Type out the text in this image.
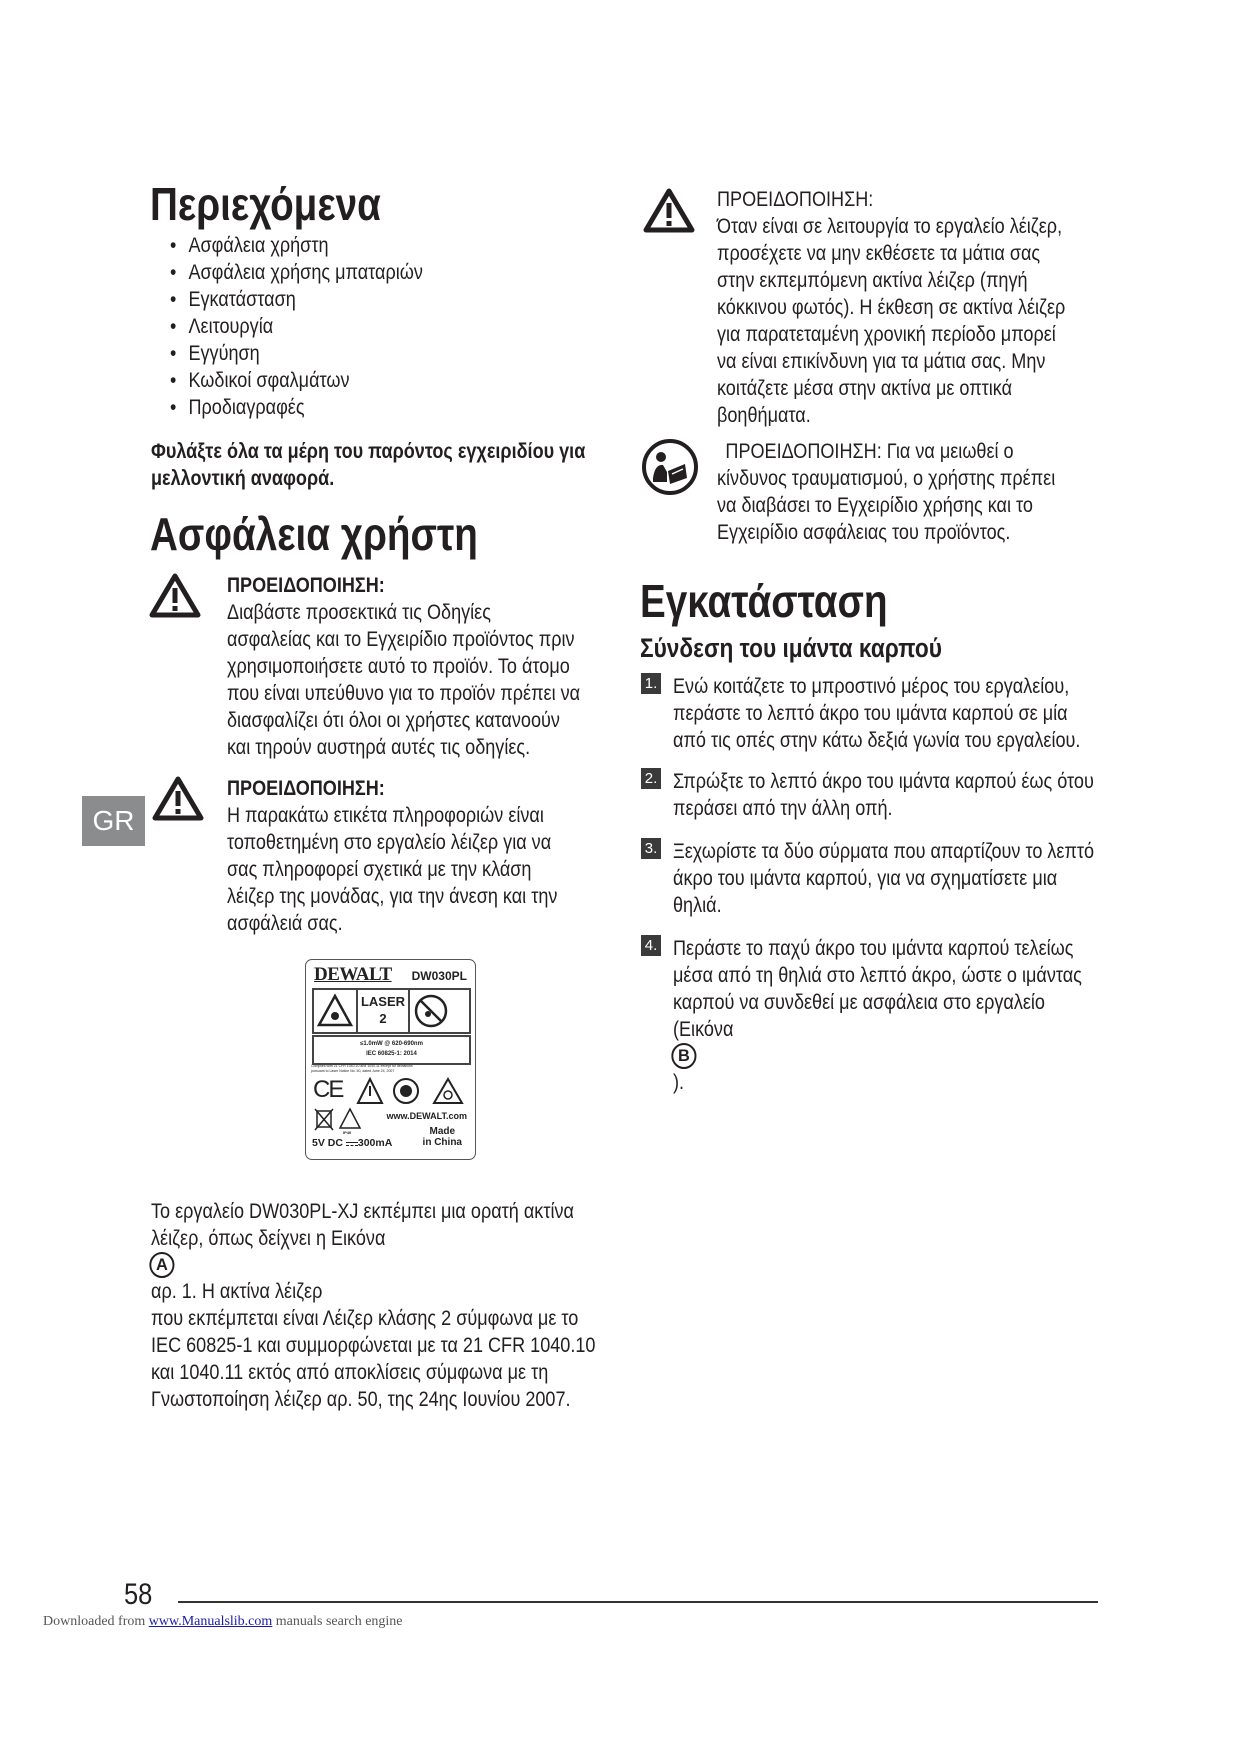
Περιεχόμενα
• Ασφάλεια χρήστη
• Ασφάλεια χρήσης μπαταριών
• Εγκατάσταση
• Λειτουργία
• Εγγύηση
• Κωδικοί σφαλμάτων
• Προδιαγραφές
Φυλάξτε όλα τα μέρη του παρόντος εγχειριδίου για
μελλοντική αναφορά.
Ασφάλεια χρήστη
ΠΡΟΕΙΔΟΠΟΙΗΣΗ:
Διαβάστε προσεκτικά τις Οδηγίες
ασφαλείας και το Εγχειρίδιο προϊόντος πριν
χρησιμοποιήσετε αυτό το προϊόν. Το άτομο
που είναι υπεύθυνο για το προϊόν πρέπει να
διασφαλίζει ότι όλοι οι χρήστες κατανοούν
και τηρούν αυστηρά αυτές τις οδηγίες.
GR
ΠΡΟΕΙΔΟΠΟΙΗΣΗ:
Η παρακάτω ετικέτα πληροφοριών είναι
τοποθετημένη στο εργαλείο λέιζερ για να
σας πληροφορεί σχετικά με την κλάση
λέιζερ της μονάδας, για την άνεση και την
ασφάλειά σας.
DEWALT DW030PL
LASER
2
≤1.0mW @ 620-690nm
IEC 60825-1: 2014
Complies with 21 CFR 1040.10 and 1040.11 except for deviations
pursuant to Laser Notice No. 50, dated June 24, 2007
CE
IP40
www.DEWALT.com
Made
in China
5V DC 300mA
Το εργαλείο DW030PL-XJ εκπέμπει μια ορατή ακτίνα
λέιζερ, όπως δείχνει η Εικόνα
A
αρ. 1. Η ακτίνα λέιζερ
που εκπέμπεται είναι Λέιζερ κλάσης 2 σύμφωνα με το
IEC 60825-1 και συμμορφώνεται με τα 21 CFR 1040.10
και 1040.11 εκτός από αποκλίσεις σύμφωνα με τη
Γνωστοποίηση λέιζερ αρ. 50, της 24ης Ιουνίου 2007.
ΠΡΟΕΙΔΟΠΟΙΗΣΗ:
Όταν είναι σε λειτουργία το εργαλείο λέιζερ,
προσέχετε να μην εκθέσετε τα μάτια σας
στην εκπεμπόμενη ακτίνα λέιζερ (πηγή
κόκκινου φωτός). Η έκθεση σε ακτίνα λέιζερ
για παρατεταμένη χρονική περίοδο μπορεί
να είναι επικίνδυνη για τα μάτια σας. Μην
κοιτάζετε μέσα στην ακτίνα με οπτικά
βοηθήματα.
ΠΡΟΕΙΔΟΠΟΙΗΣΗ: Για να μειωθεί ο
κίνδυνος τραυματισμού, ο χρήστης πρέπει
να διαβάσει το Εγχειρίδιο χρήσης και το
Εγχειρίδιο ασφάλειας του προϊόντος.
Εγκατάσταση
Σύνδεση του ιμάντα καρπού
1. Ενώ κοιτάζετε το μπροστινό μέρος του εργαλείου,
περάστε το λεπτό άκρο του ιμάντα καρπού σε μία
από τις οπές στην κάτω δεξιά γωνία του εργαλείου.
2. Σπρώξτε το λεπτό άκρο του ιμάντα καρπού έως ότου
περάσει από την άλλη οπή.
3. Ξεχωρίστε τα δύο σύρματα που απαρτίζουν το λεπτό
άκρο του ιμάντα καρπού, για να σχηματίσετε μια
θηλιά.
4. Περάστε το παχύ άκρο του ιμάντα καρπού τελείως
μέσα από τη θηλιά στο λεπτό άκρο, ώστε ο ιμάντας
καρπού να συνδεθεί με ασφάλεια στο εργαλείο
(Εικόνα
B
).
58
Downloaded from www.Manualslib.com manuals search engine
